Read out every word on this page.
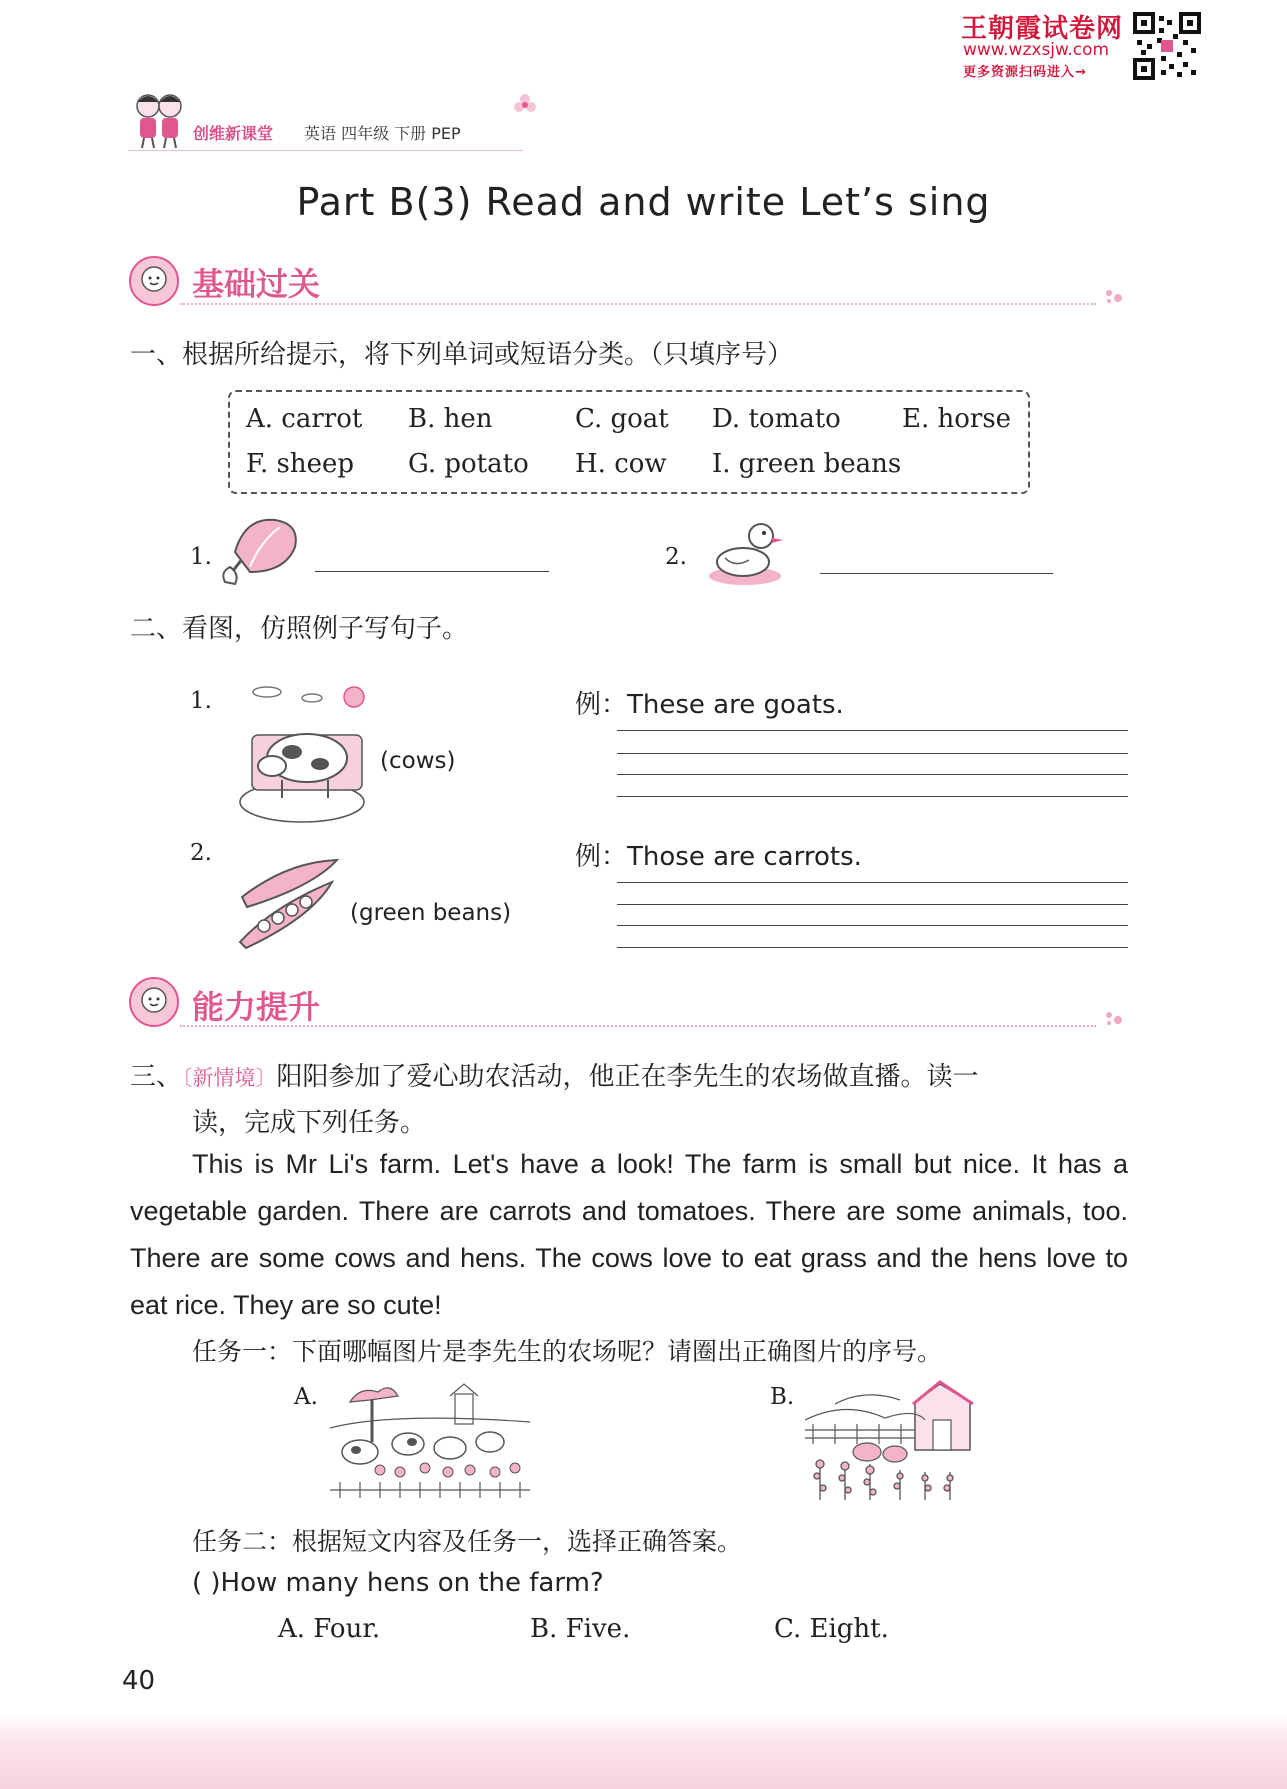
王朝霞试卷网
www.wzxsjw.com
更多资源扫码进入→
创维新课堂 英语 四年级 下册 PEP
Part B(3) Read and write Let’s sing
基础过关
一、根据所给提示，将下列单词或短语分类。（只填序号）
A. carrot B. hen	C. goat D. tomato E. horse
F. sheep G. potato H. cow I. green beans
1.	2.
二、看图，仿照例子写句子。
1.
(cows)
例：These are goats.
2.
(green beans)
例：Those are carrots.
能力提升
三、〔新情境〕阳阳参加了爱心助农活动，他正在李先生的农场做直播。读一
读，完成下列任务。
This is Mr Li's farm. Let's have a look! The farm is small but nice. It has a vegetable garden. There are carrots and tomatoes. There are some animals, too. There are some cows and hens. The cows love to eat grass and the hens love to eat rice. They are so cute!
任务一：下面哪幅图片是李先生的农场呢？请圈出正确图片的序号。
A.	B.
任务二：根据短文内容及任务一，选择正确答案。
( )How many hens on the farm?
A. Four.	B. Five.	C. Eight.
40
